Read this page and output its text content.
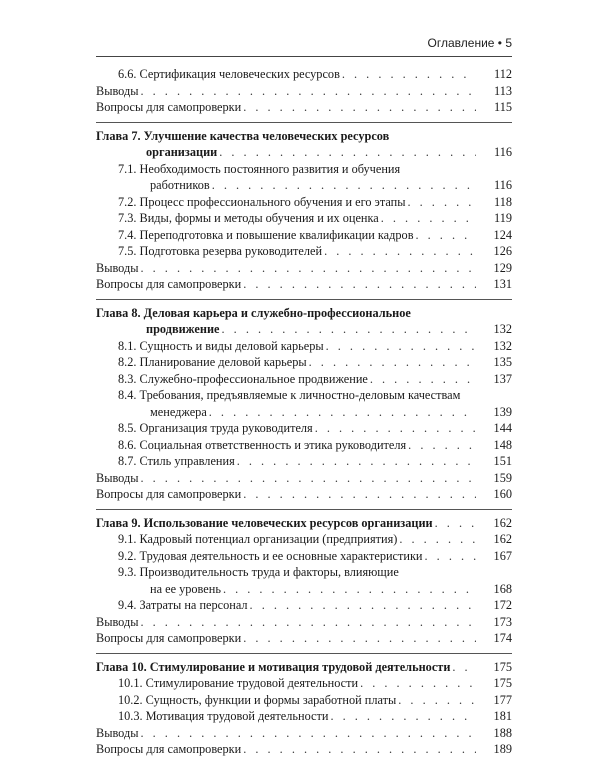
Оглавление • 5
6.6. Сертификация человеческих ресурсов . . .	112
Выводы . . .	113
Вопросы для самопроверки . . .	115
Глава 7. Улучшение качества человеческих ресурсов
организации . . .	116
7.1. Необходимость постоянного развития и обучения
работников . . .	116
7.2. Процесс профессионального обучения и его этапы . . .	118
7.3. Виды, формы и методы обучения и их оценка . . .	119
7.4. Переподготовка и повышение квалификации кадров . . .	124
7.5. Подготовка резерва руководителей . . .	126
Выводы . . .	129
Вопросы для самопроверки . . .	131
Глава 8. Деловая карьера и служебно-профессиональное
продвижение . . .	132
8.1. Сущность и виды деловой карьеры . . .	132
8.2. Планирование деловой карьеры . . .	135
8.3. Служебно-профессиональное продвижение . . .	137
8.4. Требования, предъявляемые к личностно-деловым качествам
менеджера . . .	139
8.5. Организация труда руководителя . . .	144
8.6. Социальная ответственность и этика руководителя . . .	148
8.7. Стиль управления . . .	151
Выводы . . .	159
Вопросы для самопроверки . . .	160
Глава 9. Использование человеческих ресурсов организации . . .	162
9.1. Кадровый потенциал организации (предприятия) . . .	162
9.2. Трудовая деятельность и ее основные характеристики . . .	167
9.3. Производительность труда и факторы, влияющие
на ее уровень . . .	168
9.4. Затраты на персонал . . .	172
Выводы . . .	173
Вопросы для самопроверки . . .	174
Глава 10. Стимулирование и мотивация трудовой деятельности . . .	175
10.1. Стимулирование трудовой деятельности . . .	175
10.2. Сущность, функции и формы заработной платы . . .	177
10.3. Мотивация трудовой деятельности . . .	181
Выводы . . .	188
Вопросы для самопроверки . . .	189
